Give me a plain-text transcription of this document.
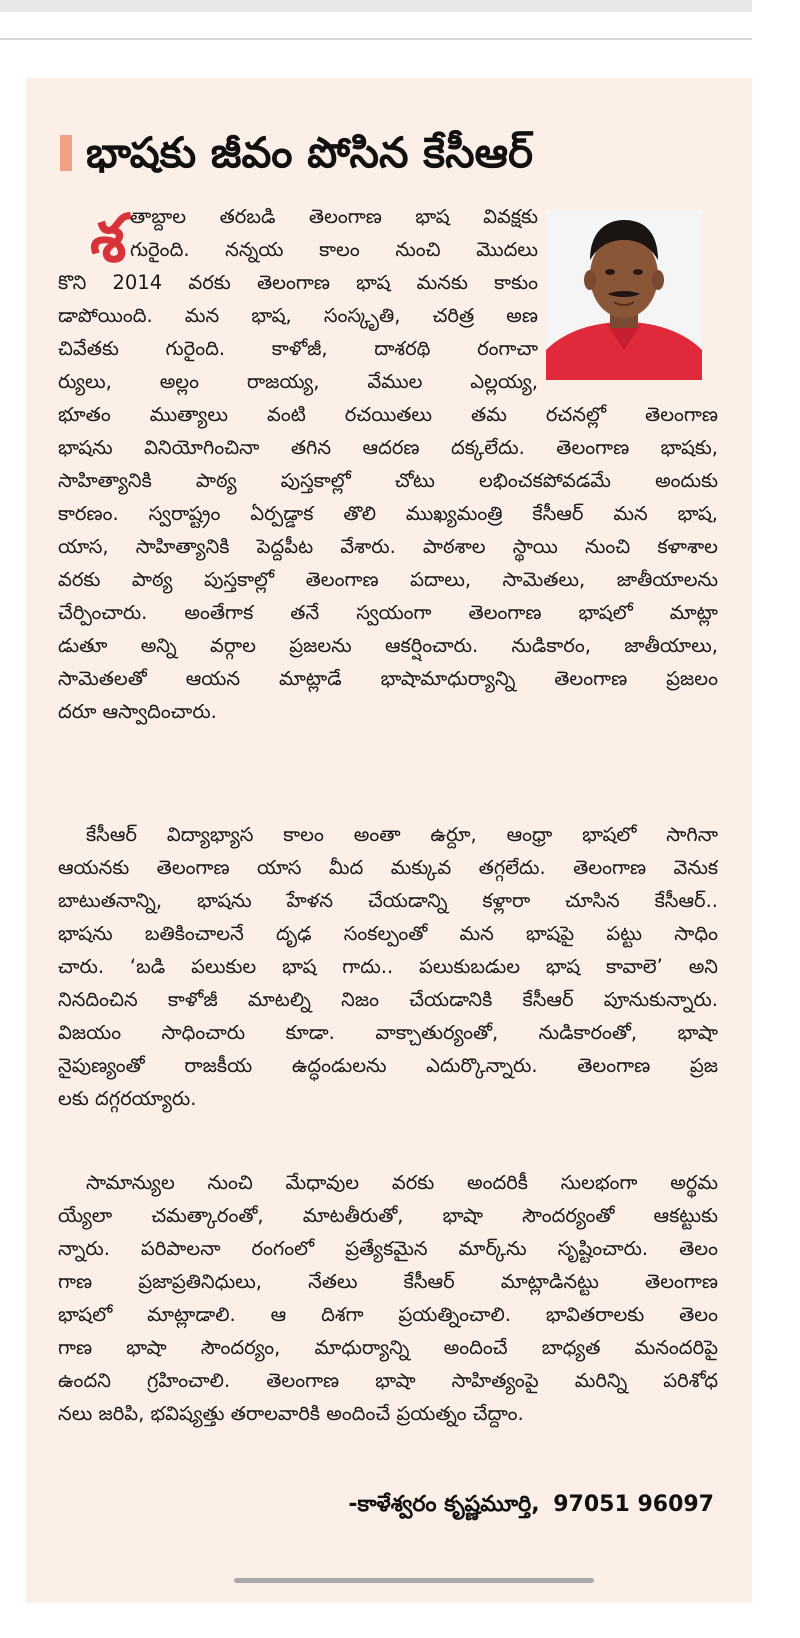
భాషకు జీవం పోసిన కేసీఆర్
శ తాబ్దాల తరబడి తెలంగాణ భాష వివక్షకు
గురైంది. నన్నయ కాలం నుంచి మొదలు
కొని 2014 వరకు తెలంగాణ భాష మనకు కాకుం
డాపోయింది. మన భాష, సంస్కృతి, చరిత్ర అణ
చివేతకు గురైంది. కాళోజీ, దాశరథి రంగాచా
ర్యులు, అల్లం రాజయ్య, వేముల ఎల్లయ్య,
భూతం ముత్యాలు వంటి రచయితలు తమ రచనల్లో తెలంగాణ
భాషను వినియోగించినా తగిన ఆదరణ దక్కలేదు. తెలంగాణ భాషకు,
సాహిత్యానికి పాఠ్య పుస్తకాల్లో చోటు లభించకపోవడమే అందుకు
కారణం. స్వరాష్ట్రం ఏర్పడ్డాక తొలి ముఖ్యమంత్రి కేసీఆర్ మన భాష,
యాస, సాహిత్యానికి పెద్దపీట వేశారు. పాఠశాల స్థాయి నుంచి కళాశాల
వరకు పాఠ్య పుస్తకాల్లో తెలంగాణ పదాలు, సామెతలు, జాతీయాలను
చేర్పించారు. అంతేగాక తనే స్వయంగా తెలంగాణ భాషలో మాట్లా
డుతూ అన్ని వర్గాల ప్రజలను ఆకర్షించారు. నుడికారం, జాతీయాలు,
సామెతలతో ఆయన మాట్లాడే భాషామాధుర్యాన్ని తెలంగాణ ప్రజలం
దరూ ఆస్వాదించారు.
కేసీఆర్ విద్యాభ్యాస కాలం అంతా ఉర్దూ, ఆంధ్రా భాషలో సాగినా
ఆయనకు తెలంగాణ యాస మీద మక్కువ తగ్గలేదు. తెలంగాణ వెనుక
బాటుతనాన్ని, భాషను హేళన చేయడాన్ని కళ్లారా చూసిన కేసీఆర్..
భాషను బతికించాలనే దృఢ సంకల్పంతో మన భాషపై పట్టు సాధిం
చారు. ‘బడి పలుకుల భాష గాదు.. పలుకుబడుల భాష కావాలె’ అని
నినదించిన కాళోజీ మాటల్ని నిజం చేయడానికి కేసీఆర్ పూనుకున్నారు.
విజయం సాధించారు కూడా. వాక్చాతుర్యంతో, నుడికారంతో, భాషా
నైపుణ్యంతో రాజకీయ ఉద్ధండులను ఎదుర్కొన్నారు. తెలంగాణ ప్రజ
లకు దగ్గరయ్యారు.
సామాన్యుల నుంచి మేధావుల వరకు అందరికీ సులభంగా అర్థమ
య్యేలా చమత్కారంతో, మాటతీరుతో, భాషా సౌందర్యంతో ఆకట్టుకు
న్నారు. పరిపాలనా రంగంలో ప్రత్యేకమైన మార్క్‌ను సృష్టించారు. తెలం
గాణ ప్రజాప్రతినిధులు, నేతలు కేసీఆర్ మాట్లాడినట్టు తెలంగాణ
భాషలో మాట్లాడాలి. ఆ దిశగా ప్రయత్నించాలి. భావితరాలకు తెలం
గాణ భాషా సౌందర్యం, మాధుర్యాన్ని అందించే బాధ్యత మనందరిపై
ఉందని గ్రహించాలి. తెలంగాణ భాషా సాహిత్యంపై మరిన్ని పరిశోధ
నలు జరిపి, భవిష్యత్తు తరాలవారికి అందించే ప్రయత్నం చేద్దాం.
-కాళేశ్వరం కృష్ణమూర్తి, 97051 96097
